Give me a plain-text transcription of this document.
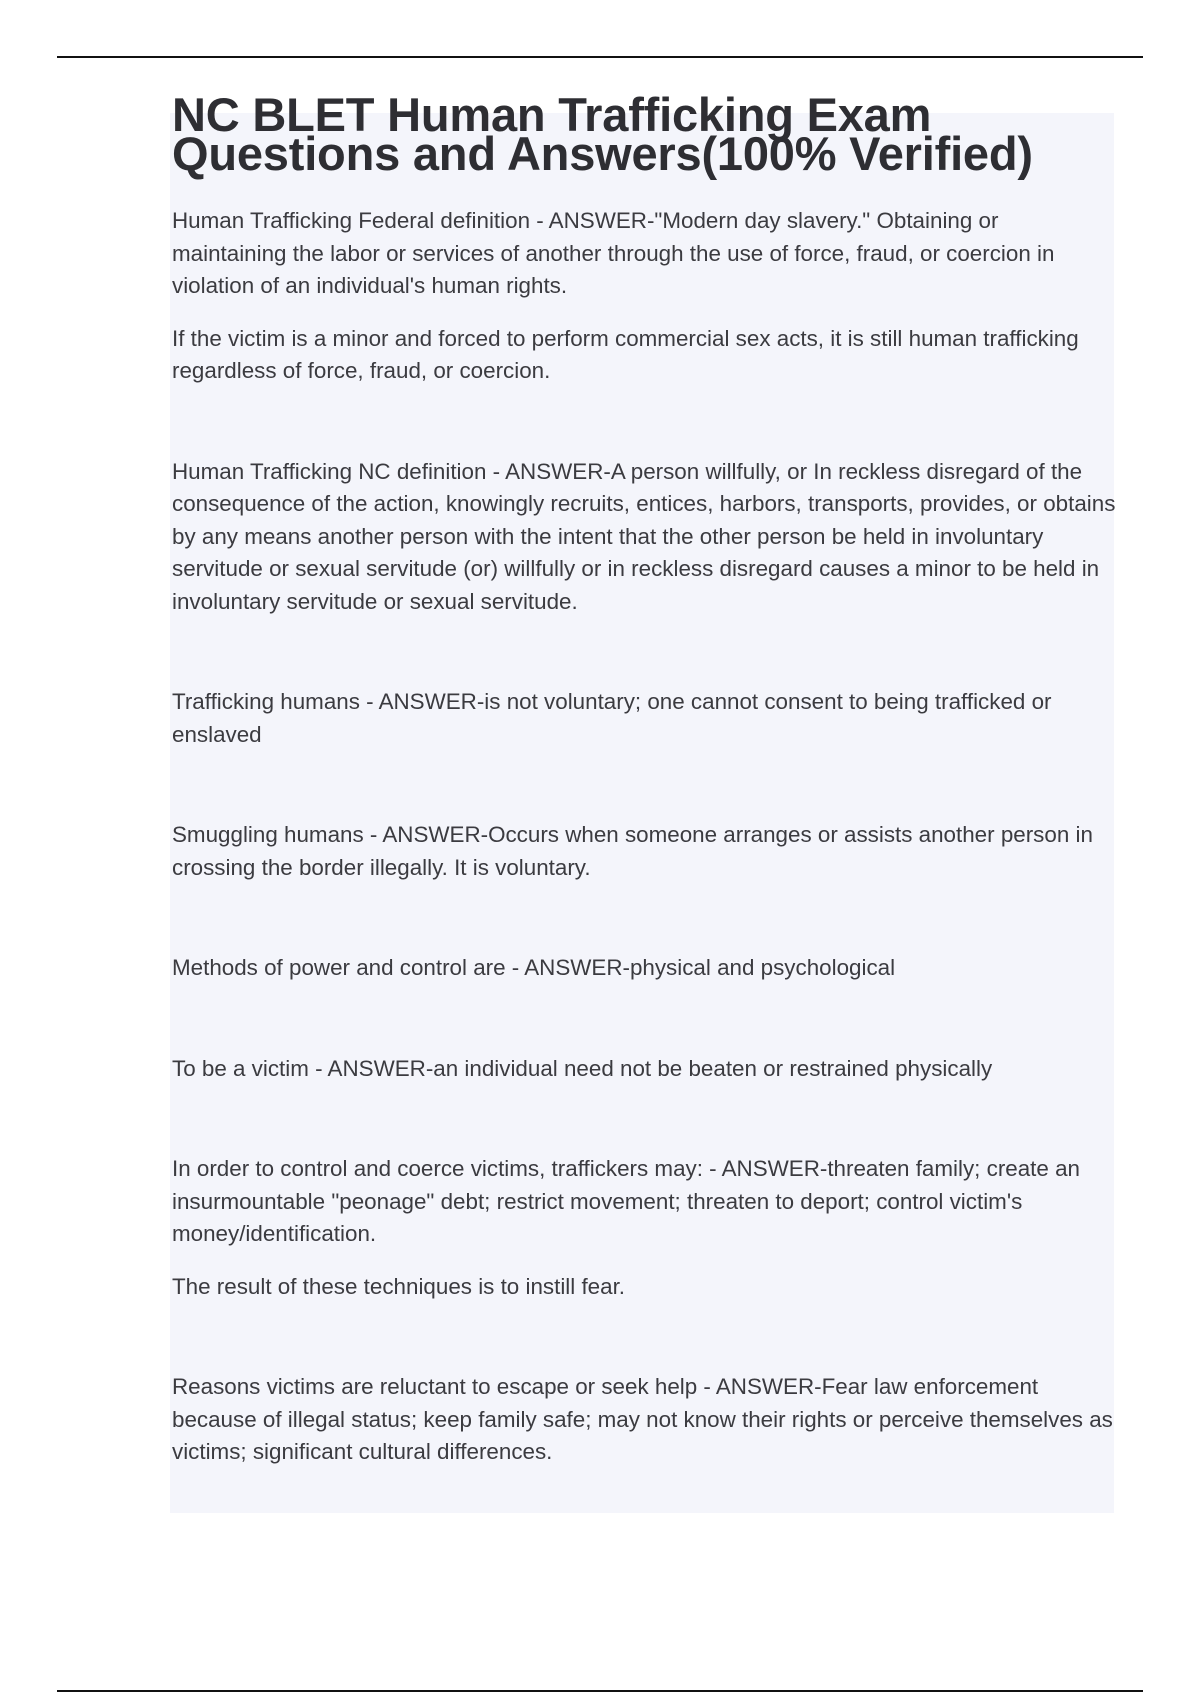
NC BLET Human Trafficking Exam Questions and Answers(100% Verified)

Human Trafficking Federal definition - ANSWER-"Modern day slavery." Obtaining or maintaining the labor or services of another through the use of force, fraud, or coercion in violation of an individual's human rights.

If the victim is a minor and forced to perform commercial sex acts, it is still human trafficking regardless of force, fraud, or coercion.

Human Trafficking NC definition - ANSWER-A person willfully, or In reckless disregard of the consequence of the action, knowingly recruits, entices, harbors, transports, provides, or obtains by any means another person with the intent that the other person be held in involuntary servitude or sexual servitude (or) willfully or in reckless disregard causes a minor to be held in involuntary servitude or sexual servitude.

Trafficking humans - ANSWER-is not voluntary; one cannot consent to being trafficked or enslaved

Smuggling humans - ANSWER-Occurs when someone arranges or assists another person in crossing the border illegally. It is voluntary.

Methods of power and control are - ANSWER-physical and psychological

To be a victim - ANSWER-an individual need not be beaten or restrained physically

In order to control and coerce victims, traffickers may: - ANSWER-threaten family; create an insurmountable "peonage" debt; restrict movement; threaten to deport; control victim's money/identification.

The result of these techniques is to instill fear.

Reasons victims are reluctant to escape or seek help - ANSWER-Fear law enforcement because of illegal status; keep family safe; may not know their rights or perceive themselves as victims; significant cultural differences.
